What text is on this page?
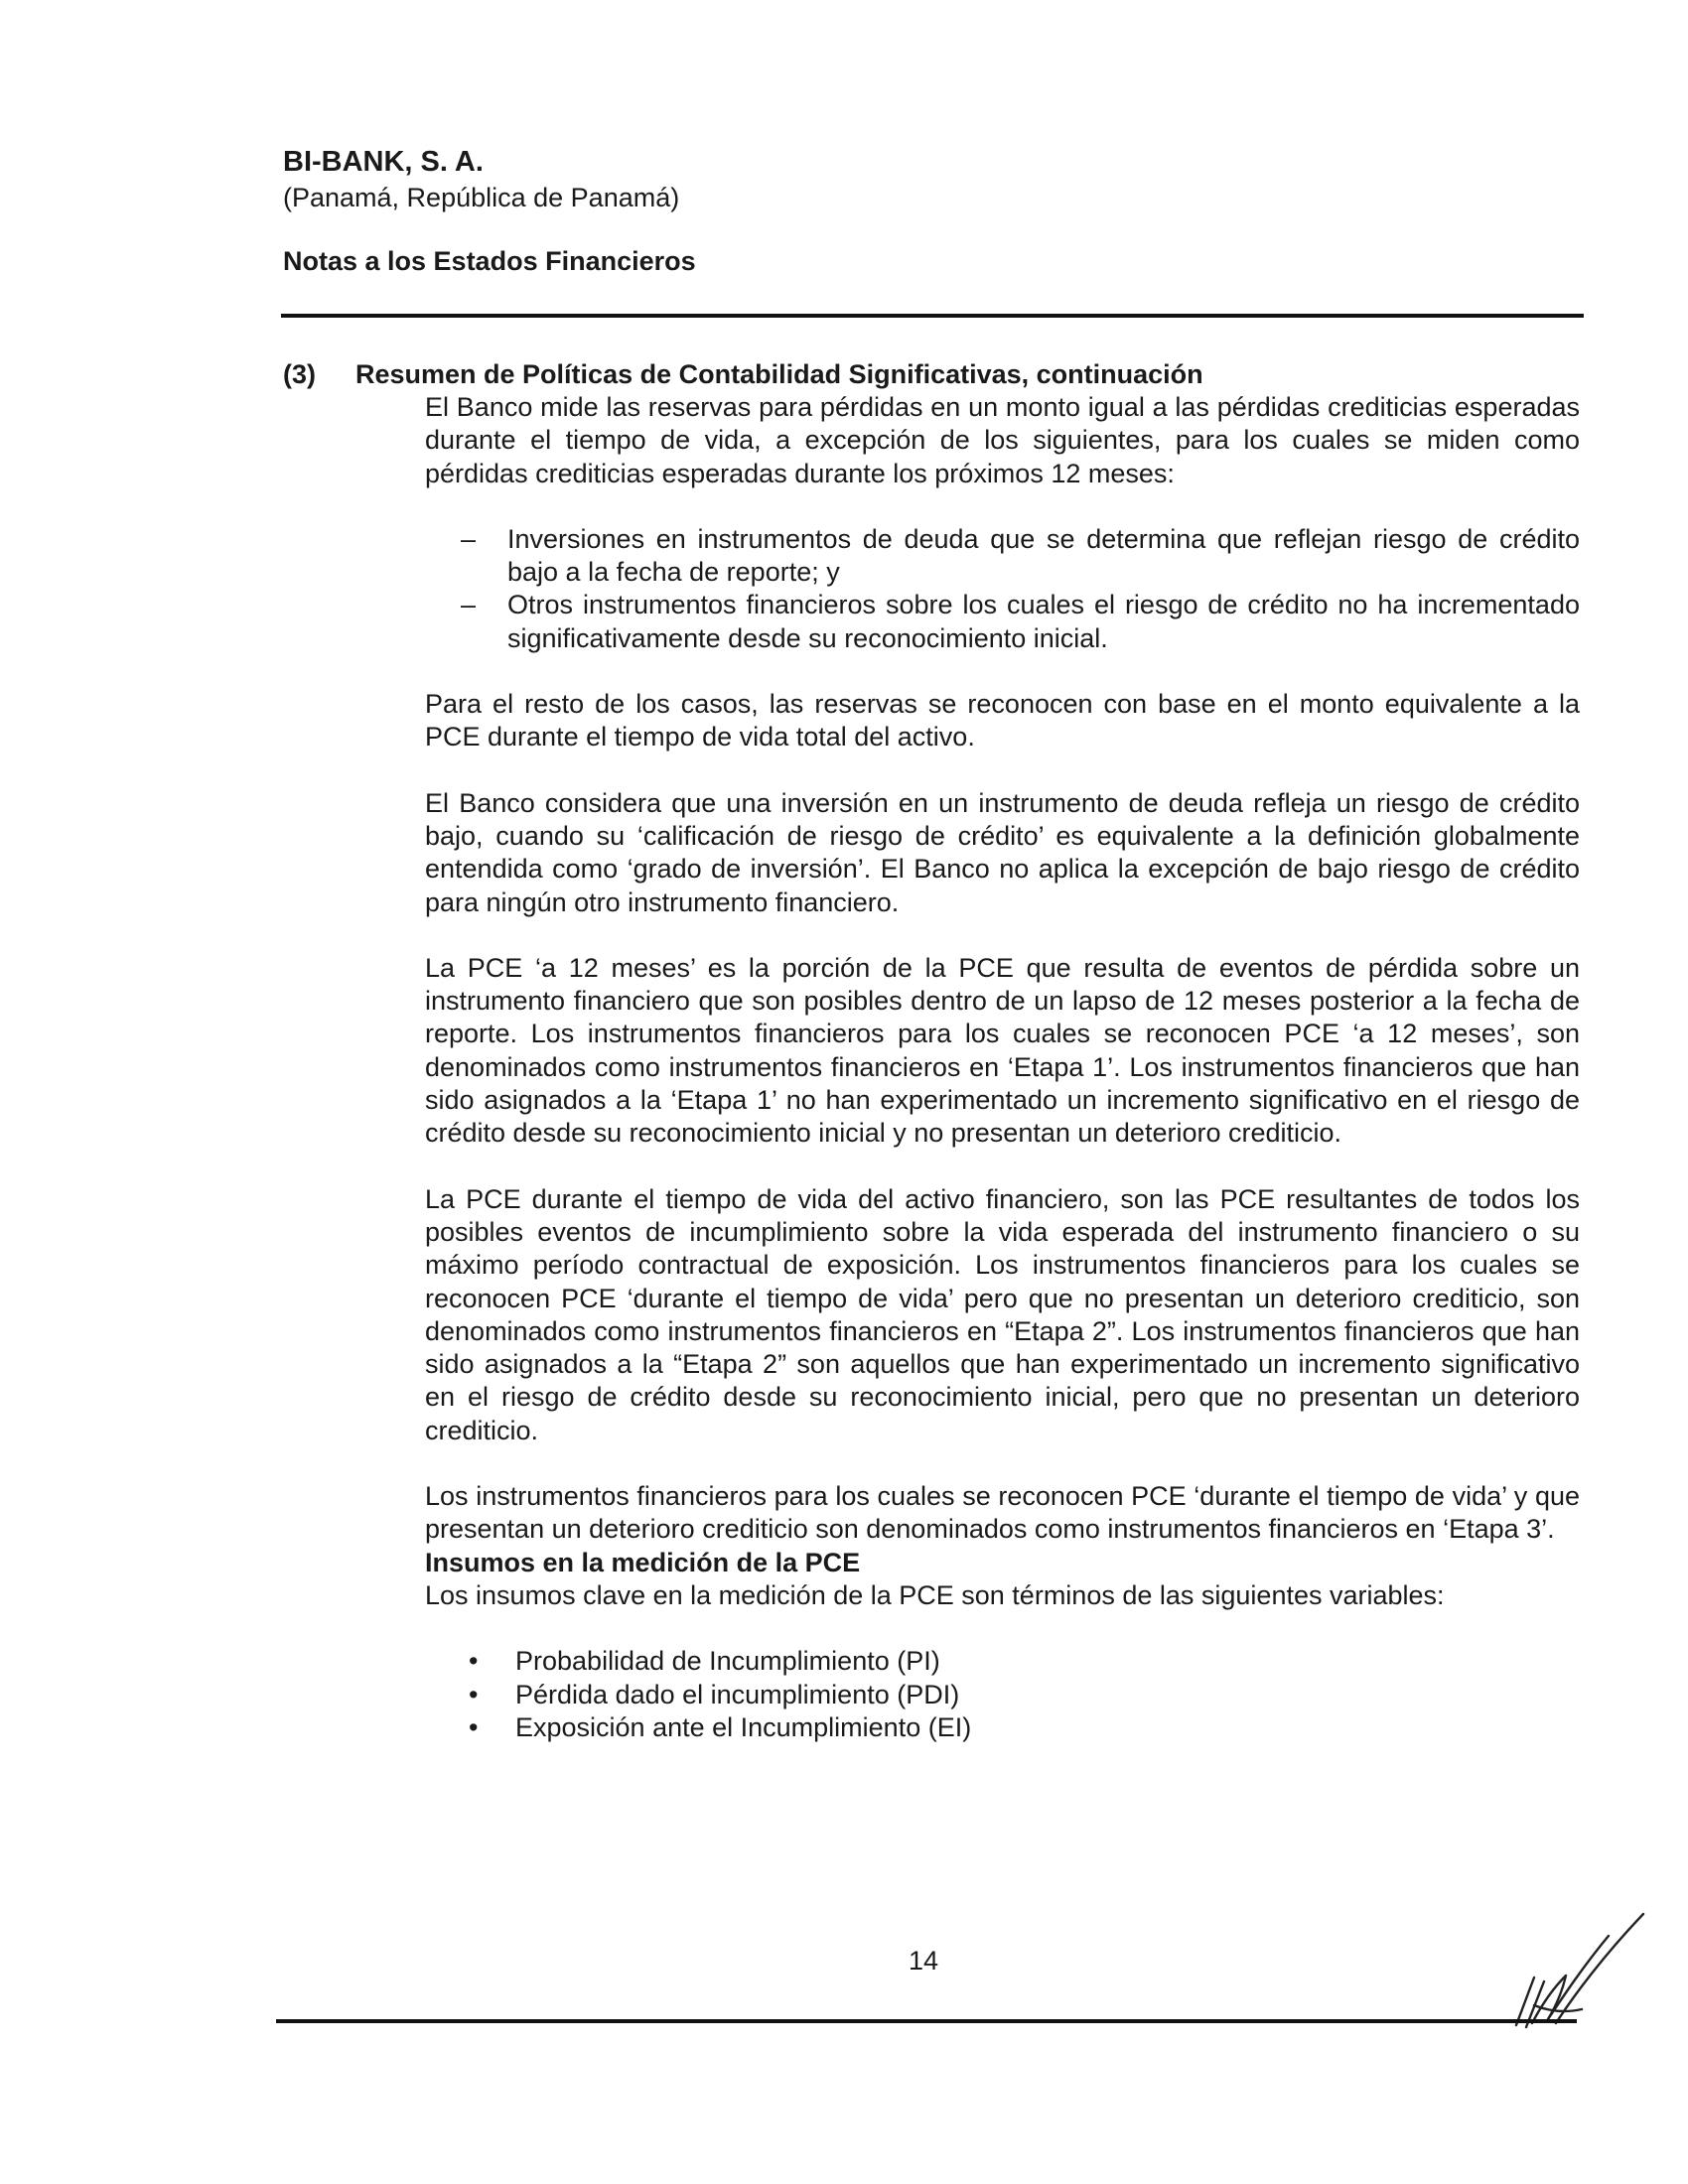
BI-BANK, S. A.
(Panamá, República de Panamá)
Notas a los Estados Financieros
(3) Resumen de Políticas de Contabilidad Significativas, continuación

El Banco mide las reservas para pérdidas en un monto igual a las pérdidas crediticias esperadas durante el tiempo de vida, a excepción de los siguientes, para los cuales se miden como pérdidas crediticias esperadas durante los próximos 12 meses:

– Inversiones en instrumentos de deuda que se determina que reflejan riesgo de crédito bajo a la fecha de reporte; y
– Otros instrumentos financieros sobre los cuales el riesgo de crédito no ha incrementado significativamente desde su reconocimiento inicial.

Para el resto de los casos, las reservas se reconocen con base en el monto equivalente a la PCE durante el tiempo de vida total del activo.

El Banco considera que una inversión en un instrumento de deuda refleja un riesgo de crédito bajo, cuando su ‘calificación de riesgo de crédito’ es equivalente a la definición globalmente entendida como ‘grado de inversión’. El Banco no aplica la excepción de bajo riesgo de crédito para ningún otro instrumento financiero.

La PCE ‘a 12 meses’ es la porción de la PCE que resulta de eventos de pérdida sobre un instrumento financiero que son posibles dentro de un lapso de 12 meses posterior a la fecha de reporte. Los instrumentos financieros para los cuales se reconocen PCE ‘a 12 meses’, son denominados como instrumentos financieros en ‘Etapa 1’. Los instrumentos financieros que han sido asignados a la ‘Etapa 1’ no han experimentado un incremento significativo en el riesgo de crédito desde su reconocimiento inicial y no presentan un deterioro crediticio.

La PCE durante el tiempo de vida del activo financiero, son las PCE resultantes de todos los posibles eventos de incumplimiento sobre la vida esperada del instrumento financiero o su máximo período contractual de exposición. Los instrumentos financieros para los cuales se reconocen PCE ‘durante el tiempo de vida’ pero que no presentan un deterioro crediticio, son denominados como instrumentos financieros en “Etapa 2”. Los instrumentos financieros que han sido asignados a la “Etapa 2” son aquellos que han experimentado un incremento significativo en el riesgo de crédito desde su reconocimiento inicial, pero que no presentan un deterioro crediticio.

Los instrumentos financieros para los cuales se reconocen PCE ‘durante el tiempo de vida’ y que presentan un deterioro crediticio son denominados como instrumentos financieros en ‘Etapa 3’.

Insumos en la medición de la PCE

Los insumos clave en la medición de la PCE son términos de las siguientes variables:

• Probabilidad de Incumplimiento (PI)
• Pérdida dado el incumplimiento (PDI)
• Exposición ante el Incumplimiento (EI)
14
